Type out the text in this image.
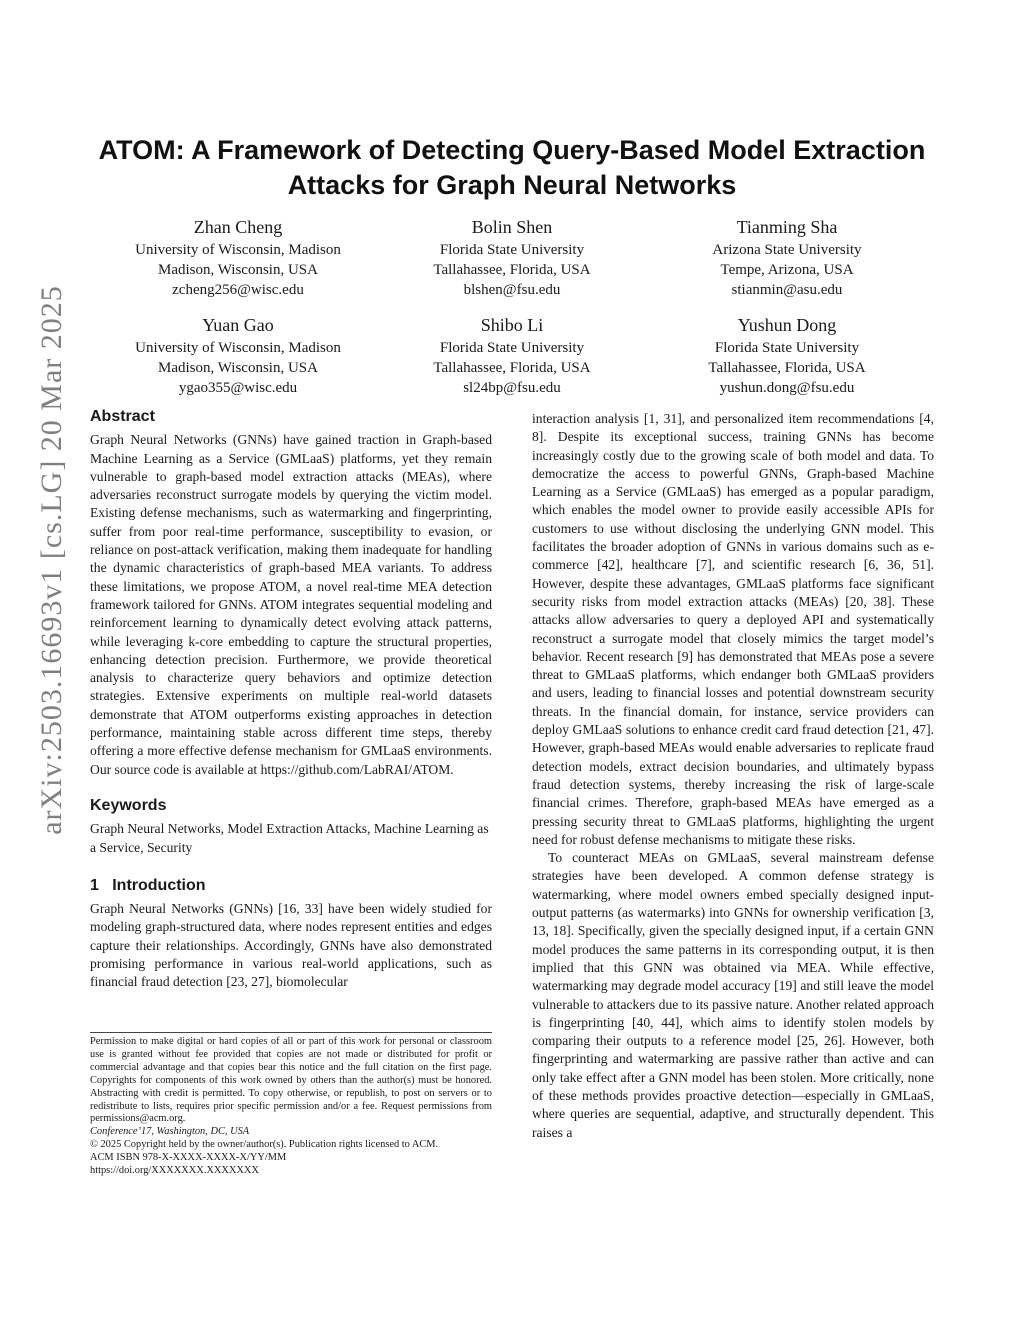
arXiv:2503.16693v1 [cs.LG] 20 Mar 2025
ATOM: A Framework of Detecting Query-Based Model Extraction Attacks for Graph Neural Networks
Zhan Cheng
University of Wisconsin, Madison
Madison, Wisconsin, USA
zcheng256@wisc.edu
Bolin Shen
Florida State University
Tallahassee, Florida, USA
blshen@fsu.edu
Tianming Sha
Arizona State University
Tempe, Arizona, USA
stianmin@asu.edu
Yuan Gao
University of Wisconsin, Madison
Madison, Wisconsin, USA
ygao355@wisc.edu
Shibo Li
Florida State University
Tallahassee, Florida, USA
sl24bp@fsu.edu
Yushun Dong
Florida State University
Tallahassee, Florida, USA
yushun.dong@fsu.edu
Abstract

Graph Neural Networks (GNNs) have gained traction in Graph-based Machine Learning as a Service (GMLaaS) platforms, yet they remain vulnerable to graph-based model extraction attacks (MEAs), where adversaries reconstruct surrogate models by querying the victim model. Existing defense mechanisms, such as watermarking and fingerprinting, suffer from poor real-time performance, susceptibility to evasion, or reliance on post-attack verification, making them inadequate for handling the dynamic characteristics of graph-based MEA variants. To address these limitations, we propose ATOM, a novel real-time MEA detection framework tailored for GNNs. ATOM integrates sequential modeling and reinforcement learning to dynamically detect evolving attack patterns, while leveraging k-core embedding to capture the structural properties, enhancing detection precision. Furthermore, we provide theoretical analysis to characterize query behaviors and optimize detection strategies. Extensive experiments on multiple real-world datasets demonstrate that ATOM outperforms existing approaches in detection performance, maintaining stable across different time steps, thereby offering a more effective defense mechanism for GMLaaS environments. Our source code is available at https://github.com/LabRAI/ATOM.

Keywords

Graph Neural Networks, Model Extraction Attacks, Machine Learning as a Service, Security

1   Introduction

Graph Neural Networks (GNNs) [16, 33] have been widely studied for modeling graph-structured data, where nodes represent entities and edges capture their relationships. Accordingly, GNNs have also demonstrated promising performance in various real-world applications, such as financial fraud detection [23, 27], biomolecular

interaction analysis [1, 31], and personalized item recommendations [4, 8]. Despite its exceptional success, training GNNs has become increasingly costly due to the growing scale of both model and data. To democratize the access to powerful GNNs, Graph-based Machine Learning as a Service (GMLaaS) has emerged as a popular paradigm, which enables the model owner to provide easily accessible APIs for customers to use without disclosing the underlying GNN model. This facilitates the broader adoption of GNNs in various domains such as e-commerce [42], healthcare [7], and scientific research [6, 36, 51]. However, despite these advantages, GMLaaS platforms face significant security risks from model extraction attacks (MEAs) [20, 38]. These attacks allow adversaries to query a deployed API and systematically reconstruct a surrogate model that closely mimics the target model’s behavior. Recent research [9] has demonstrated that MEAs pose a severe threat to GMLaaS platforms, which endanger both GMLaaS providers and users, leading to financial losses and potential downstream security threats. In the financial domain, for instance, service providers can deploy GMLaaS solutions to enhance credit card fraud detection [21, 47]. However, graph-based MEAs would enable adversaries to replicate fraud detection models, extract decision boundaries, and ultimately bypass fraud detection systems, thereby increasing the risk of large-scale financial crimes. Therefore, graph-based MEAs have emerged as a pressing security threat to GMLaaS platforms, highlighting the urgent need for robust defense mechanisms to mitigate these risks.

To counteract MEAs on GMLaaS, several mainstream defense strategies have been developed. A common defense strategy is watermarking, where model owners embed specially designed input-output patterns (as watermarks) into GNNs for ownership verification [3, 13, 18]. Specifically, given the specially designed input, if a certain GNN model produces the same patterns in its corresponding output, it is then implied that this GNN was obtained via MEA. While effective, watermarking may degrade model accuracy [19] and still leave the model vulnerable to attackers due to its passive nature. Another related approach is fingerprinting [40, 44], which aims to identify stolen models by comparing their outputs to a reference model [25, 26]. However, both fingerprinting and watermarking are passive rather than active and can only take effect after a GNN model has been stolen. More critically, none of these methods provides proactive detection—especially in GMLaaS, where queries are sequential, adaptive, and structurally dependent. This raises a

Permission to make digital or hard copies of all or part of this work for personal or classroom use is granted without fee provided that copies are not made or distributed for profit or commercial advantage and that copies bear this notice and the full citation on the first page. Copyrights for components of this work owned by others than the author(s) must be honored. Abstracting with credit is permitted. To copy otherwise, or republish, to post on servers or to redistribute to lists, requires prior specific permission and/or a fee. Request permissions from permissions@acm.org.

Conference’17, Washington, DC, USA

© 2025 Copyright held by the owner/author(s). Publication rights licensed to ACM.

ACM ISBN 978-X-XXXX-XXXX-X/YY/MM

https://doi.org/XXXXXXX.XXXXXXX
